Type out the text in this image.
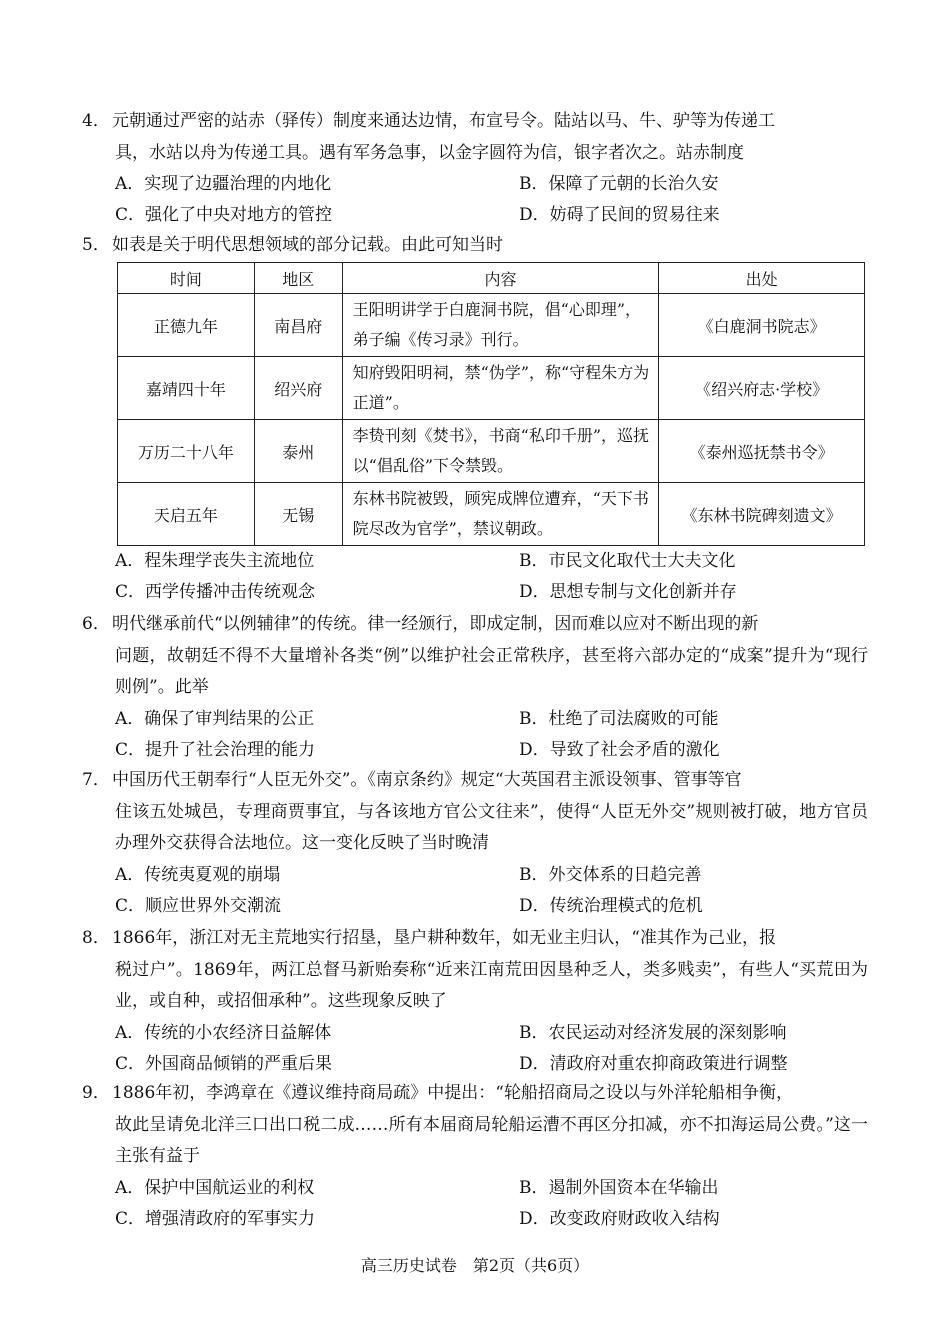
4． 元朝通过严密的站赤（驿传）制度来通达边情，布宣号令。陆站以马、牛、驴等为传递工
具，水站以舟为传递工具。遇有军务急事，以金字圆符为信，银字者次之。站赤制度
A．实现了边疆治理的内地化	B．保障了元朝的长治久安
C．强化了中央对地方的管控	D．妨碍了民间的贸易往来
5． 如表是关于明代思想领域的部分记载。由此可知当时
时间	地区	内容	出处
正德九年	南昌府	王阳明讲学于白鹿洞书院，倡“心即理”，弟子编《传习录》刊行。	《白鹿洞书院志》
嘉靖四十年	绍兴府	知府毁阳明祠，禁“伪学”，称“守程朱方为正道”。	《绍兴府志·学校》
万历二十八年	泰州	李贽刊刻《焚书》，书商“私印千册”，巡抚以“倡乱俗”下令禁毁。	《泰州巡抚禁书令》
天启五年	无锡	东林书院被毁，顾宪成牌位遭弃，“天下书院尽改为官学”，禁议朝政。	《东林书院碑刻遗文》
A．程朱理学丧失主流地位	B．市民文化取代士大夫文化
C．西学传播冲击传统观念	D．思想专制与文化创新并存
6． 明代继承前代“以例辅律”的传统。律一经颁行，即成定制，因而难以应对不断出现的新
问题，故朝廷不得不大量增补各类“例”以维护社会正常秩序，甚至将六部办定的“成案”提升为“现行则例”。此举
A．确保了审判结果的公正	B．杜绝了司法腐败的可能
C．提升了社会治理的能力	D．导致了社会矛盾的激化
7． 中国历代王朝奉行“人臣无外交”。《南京条约》规定“大英国君主派设领事、管事等官
住该五处城邑，专理商贾事宜，与各该地方官公文往来”，使得“人臣无外交”规则被打破，地方官员办理外交获得合法地位。这一变化反映了当时晚清
A．传统夷夏观的崩塌	B．外交体系的日趋完善
C．顺应世界外交潮流	D．传统治理模式的危机
8． 1866年，浙江对无主荒地实行招垦，垦户耕种数年，如无业主归认，“准其作为己业，报
税过户”。1869年，两江总督马新贻奏称“近来江南荒田因垦种乏人，类多贱卖”，有些人“买荒田为业，或自种，或招佃承种”。这些现象反映了
A．传统的小农经济日益解体	B．农民运动对经济发展的深刻影响
C．外国商品倾销的严重后果	D．清政府对重农抑商政策进行调整
9． 1886年初，李鸿章在《遵议维持商局疏》中提出：“轮船招商局之设以与外洋轮船相争衡，
故此呈请免北洋三口出口税二成……所有本届商局轮船运漕不再区分扣减，亦不扣海运局公费。”这一主张有益于
A．保护中国航运业的利权	B．遏制外国资本在华输出
C．增强清政府的军事实力	D．改变政府财政收入结构
高三历史试卷　第2页（共6页）
